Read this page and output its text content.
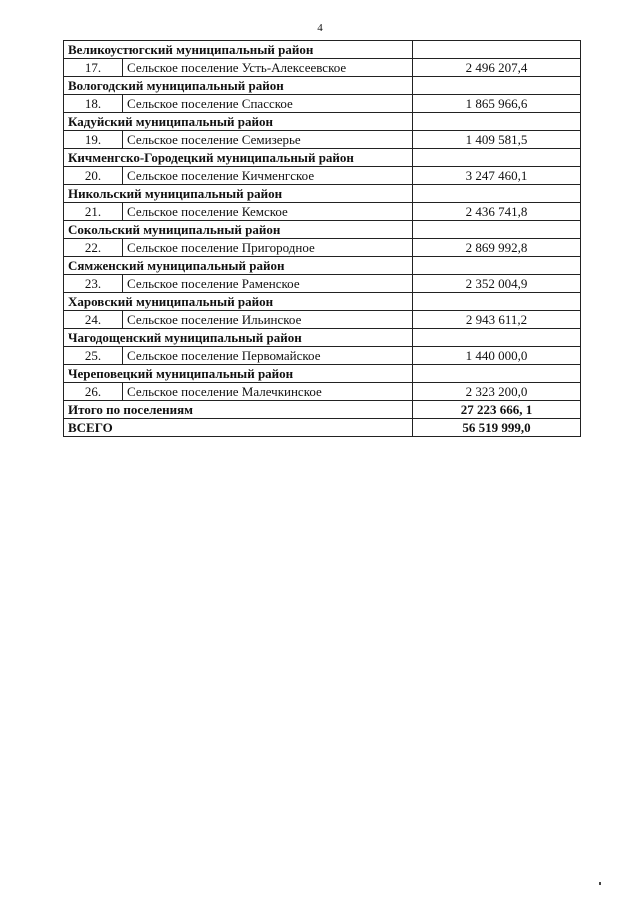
4
Великоустюгский муниципальный район		
17.	Сельское поселение Усть-Алексеевское	2 496 207,4
Вологодский муниципальный район		
18.	Сельское поселение Спасское	1 865 966,6
Кадуйский муниципальный район		
19.	Сельское поселение Семизерье	1 409 581,5
Кичменгско-Городецкий муниципальный район		
20.	Сельское поселение Кичменгское	3 247 460,1
Никольский муниципальный район		
21.	Сельское поселение Кемское	2 436 741,8
Сокольский муниципальный район		
22.	Сельское поселение Пригородное	2 869 992,8
Сямженский муниципальный район		
23.	Сельское поселение Раменское	2 352 004,9
Харовский муниципальный район		
24.	Сельское поселение Ильинское	2 943 611,2
Чагодощенский муниципальный район		
25.	Сельское поселение Первомайское	1 440 000,0
Череповецкий муниципальный район		
26.	Сельское поселение Малечкинское	2 323 200,0
Итого по поселениям		27 223 666, 1
ВСЕГО		56 519 999,0
